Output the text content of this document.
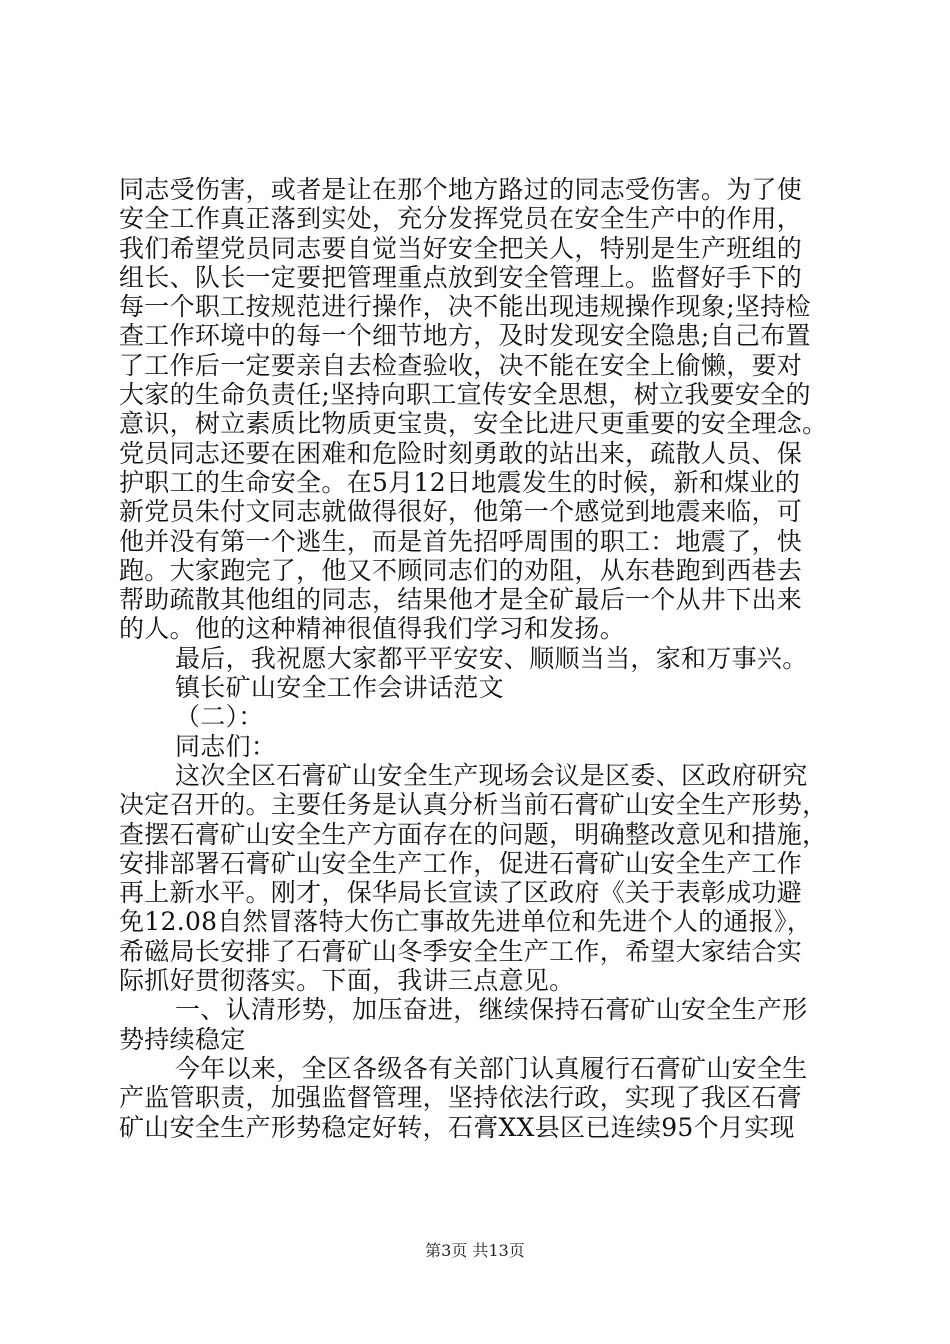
同志受伤害，或者是让在那个地方路过的同志受伤害。为了使
安全工作真正落到实处，充分发挥党员在安全生产中的作用，
我们希望党员同志要自觉当好安全把关人，特别是生产班组的
组长、队长一定要把管理重点放到安全管理上。监督好手下的
每一个职工按规范进行操作，决不能出现违规操作现象;坚持检
查工作环境中的每一个细节地方，及时发现安全隐患;自己布置
了工作后一定要亲自去检查验收，决不能在安全上偷懒，要对
大家的生命负责任;坚持向职工宣传安全思想，树立我要安全的
意识，树立素质比物质更宝贵，安全比进尺更重要的安全理念。
党员同志还要在困难和危险时刻勇敢的站出来，疏散人员、保
护职工的生命安全。在5月12日地震发生的时候，新和煤业的
新党员朱付文同志就做得很好，他第一个感觉到地震来临，可
他并没有第一个逃生，而是首先招呼周围的职工：地震了，快
跑。大家跑完了，他又不顾同志们的劝阻，从东巷跑到西巷去
帮助疏散其他组的同志，结果他才是全矿最后一个从井下出来
的人。他的这种精神很值得我们学习和发扬。
最后，我祝愿大家都平平安安、顺顺当当，家和万事兴。
镇长矿山安全工作会讲话范文
（二）：
同志们：
这次全区石膏矿山安全生产现场会议是区委、区政府研究
决定召开的。主要任务是认真分析当前石膏矿山安全生产形势，
查摆石膏矿山安全生产方面存在的问题，明确整改意见和措施，
安排部署石膏矿山安全生产工作，促进石膏矿山安全生产工作
再上新水平。刚才，保华局长宣读了区政府《关于表彰成功避
免12.08自然冒落特大伤亡事故先进单位和先进个人的通报》，
希磁局长安排了石膏矿山冬季安全生产工作，希望大家结合实
际抓好贯彻落实。下面，我讲三点意见。
一、认清形势，加压奋进，继续保持石膏矿山安全生产形
势持续稳定
今年以来，全区各级各有关部门认真履行石膏矿山安全生
产监管职责，加强监督管理，坚持依法行政，实现了我区石膏
矿山安全生产形势稳定好转，石膏XX县区已连续95个月实现
第3页 共13页
